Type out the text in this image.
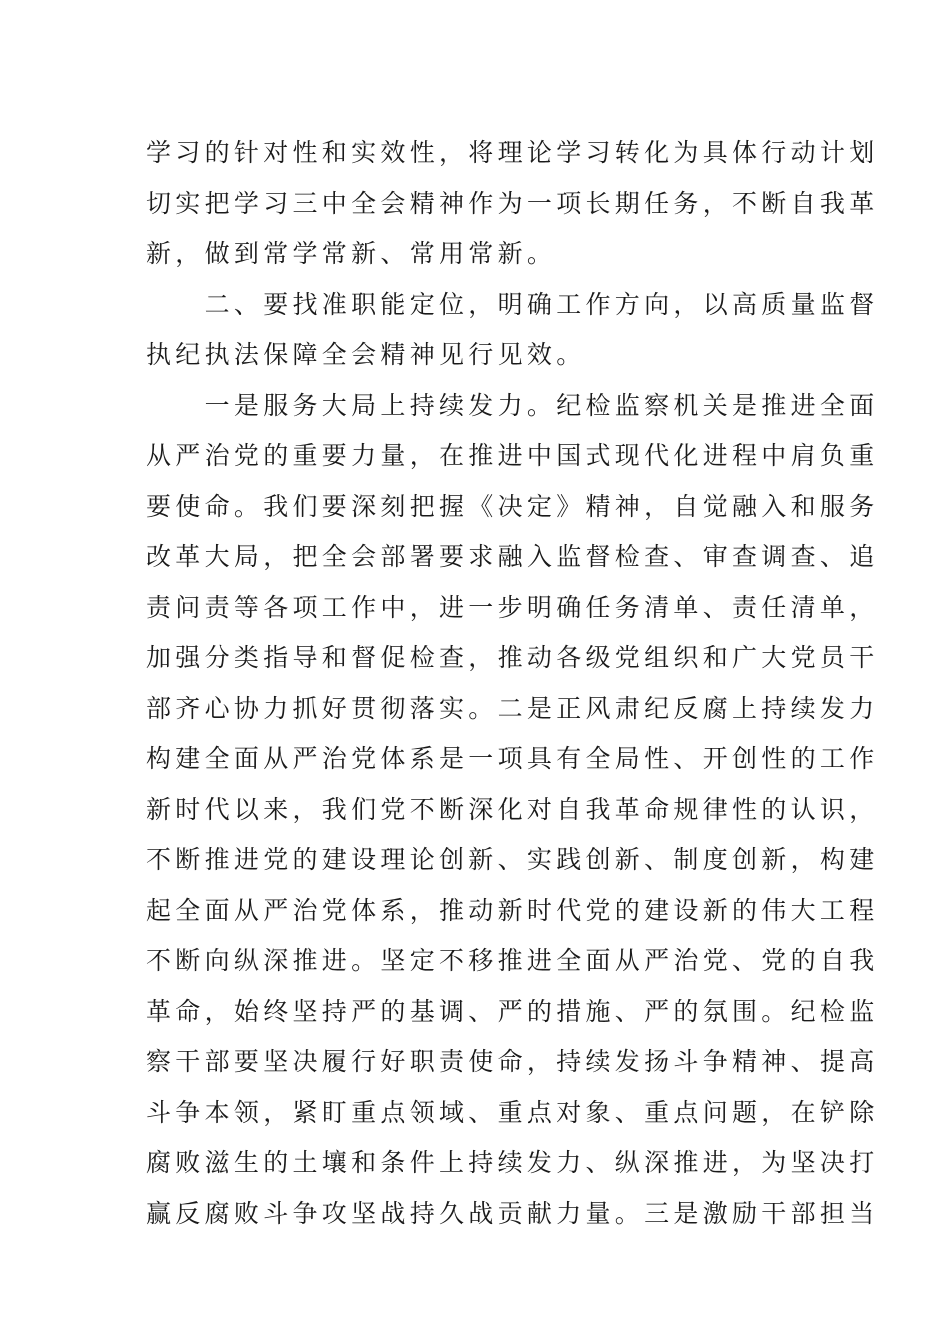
学习的针对性和实效性，将理论学习转化为具体行动计划
切实把学习三中全会精神作为一项长期任务，不断自我革
新，做到常学常新、常用常新。
　　二、要找准职能定位，明确工作方向，以高质量监督
执纪执法保障全会精神见行见效。
　　一是服务大局上持续发力。纪检监察机关是推进全面
从严治党的重要力量，在推进中国式现代化进程中肩负重
要使命。我们要深刻把握《决定》精神，自觉融入和服务
改革大局，把全会部署要求融入监督检查、审查调查、追
责问责等各项工作中，进一步明确任务清单、责任清单，
加强分类指导和督促检查，推动各级党组织和广大党员干
部齐心协力抓好贯彻落实。二是正风肃纪反腐上持续发力
构建全面从严治党体系是一项具有全局性、开创性的工作
新时代以来，我们党不断深化对自我革命规律性的认识，
不断推进党的建设理论创新、实践创新、制度创新，构建
起全面从严治党体系，推动新时代党的建设新的伟大工程
不断向纵深推进。坚定不移推进全面从严治党、党的自我
革命，始终坚持严的基调、严的措施、严的氛围。纪检监
察干部要坚决履行好职责使命，持续发扬斗争精神、提高
斗争本领，紧盯重点领域、重点对象、重点问题，在铲除
腐败滋生的土壤和条件上持续发力、纵深推进，为坚决打
赢反腐败斗争攻坚战持久战贡献力量。三是激励干部担当
